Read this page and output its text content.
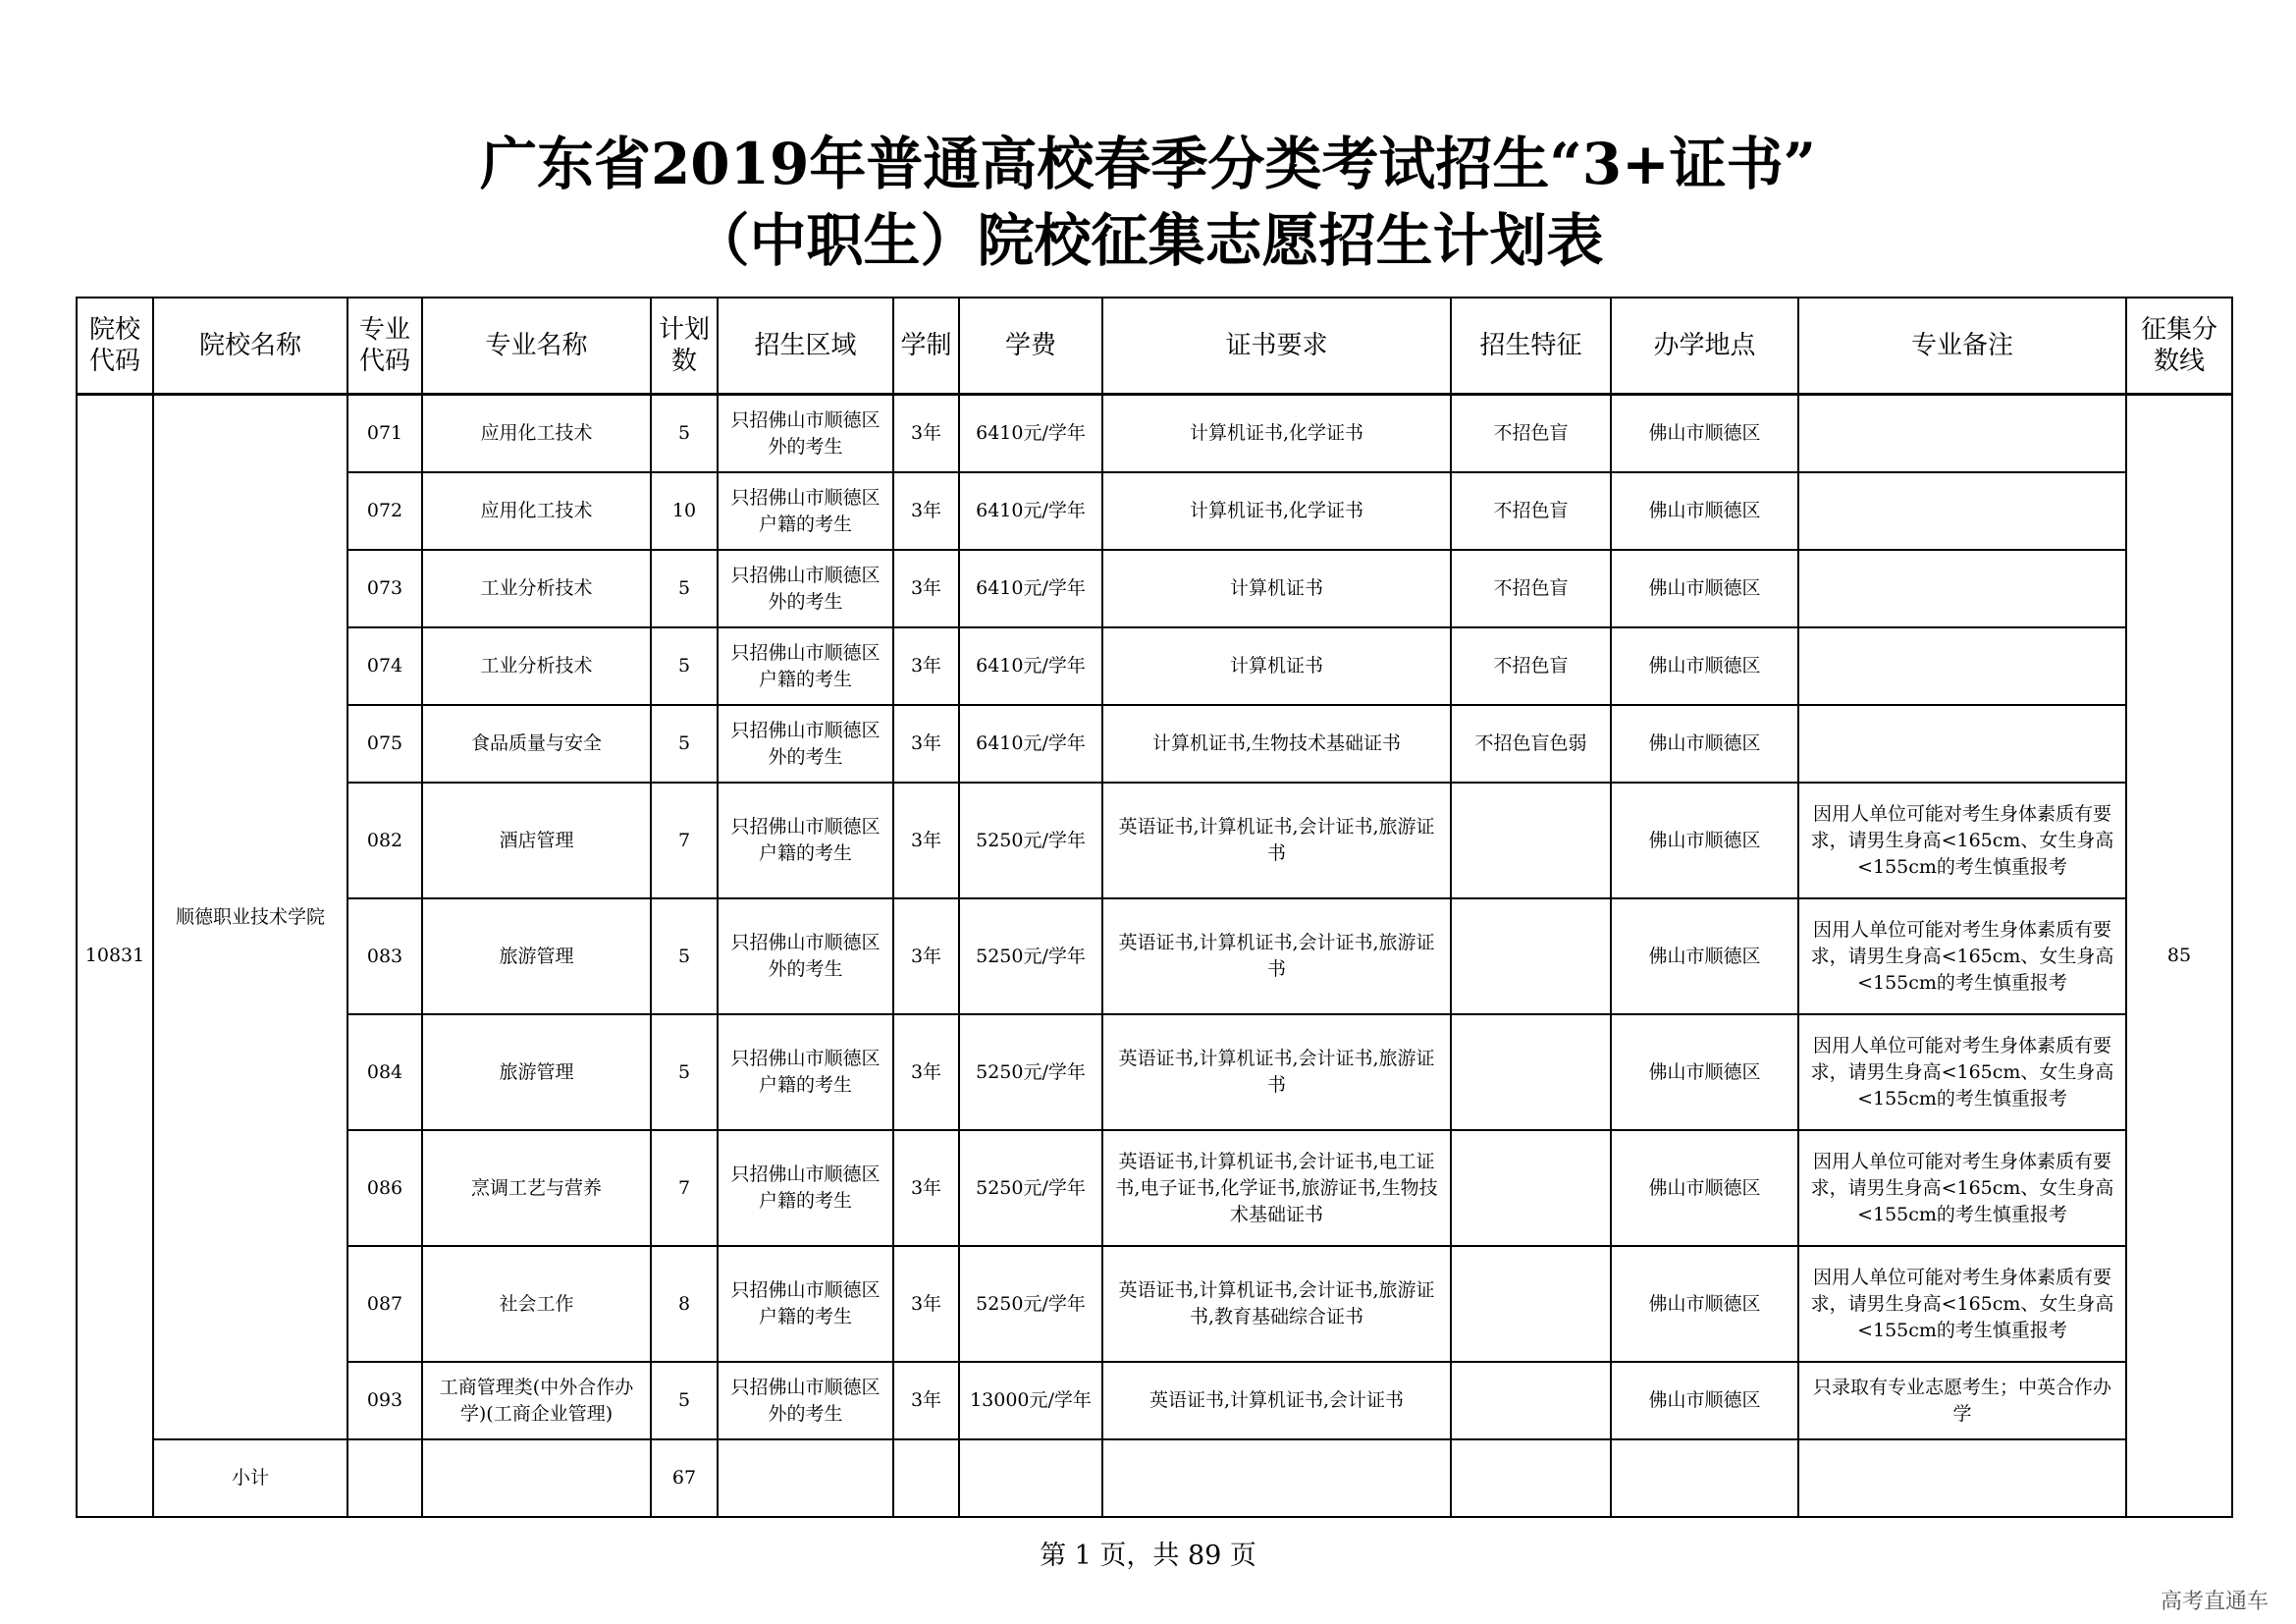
广东省2019年普通高校春季分类考试招生“3+证书”
（中职生）院校征集志愿招生计划表
院校代码	院校名称	专业代码	专业名称	计划数	招生区域	学制	学费	证书要求	招生特征	办学地点	专业备注	征集分数线
10831	顺德职业技术学院	071	应用化工技术	5	只招佛山市顺德区外的考生	3年	6410元/学年	计算机证书,化学证书	不招色盲	佛山市顺德区		85
		072	应用化工技术	10	只招佛山市顺德区户籍的考生	3年	6410元/学年	计算机证书,化学证书	不招色盲	佛山市顺德区		
		073	工业分析技术	5	只招佛山市顺德区外的考生	3年	6410元/学年	计算机证书	不招色盲	佛山市顺德区		
		074	工业分析技术	5	只招佛山市顺德区户籍的考生	3年	6410元/学年	计算机证书	不招色盲	佛山市顺德区		
		075	食品质量与安全	5	只招佛山市顺德区外的考生	3年	6410元/学年	计算机证书,生物技术基础证书	不招色盲色弱	佛山市顺德区		
		082	酒店管理	7	只招佛山市顺德区户籍的考生	3年	5250元/学年	英语证书,计算机证书,会计证书,旅游证书		佛山市顺德区	因用人单位可能对考生身体素质有要求，请男生身高<165cm、女生身高<155cm的考生慎重报考	
		083	旅游管理	5	只招佛山市顺德区外的考生	3年	5250元/学年	英语证书,计算机证书,会计证书,旅游证书		佛山市顺德区	因用人单位可能对考生身体素质有要求，请男生身高<165cm、女生身高<155cm的考生慎重报考	
		084	旅游管理	5	只招佛山市顺德区户籍的考生	3年	5250元/学年	英语证书,计算机证书,会计证书,旅游证书		佛山市顺德区	因用人单位可能对考生身体素质有要求，请男生身高<165cm、女生身高<155cm的考生慎重报考	
		086	烹调工艺与营养	7	只招佛山市顺德区户籍的考生	3年	5250元/学年	英语证书,计算机证书,会计证书,电工证书,电子证书,化学证书,旅游证书,生物技术基础证书		佛山市顺德区	因用人单位可能对考生身体素质有要求，请男生身高<165cm、女生身高<155cm的考生慎重报考	
		087	社会工作	8	只招佛山市顺德区户籍的考生	3年	5250元/学年	英语证书,计算机证书,会计证书,旅游证书,教育基础综合证书		佛山市顺德区	因用人单位可能对考生身体素质有要求，请男生身高<165cm、女生身高<155cm的考生慎重报考	
		093	工商管理类(中外合作办学)(工商企业管理)	5	只招佛山市顺德区外的考生	3年	13000元/学年	英语证书,计算机证书,会计证书		佛山市顺德区	只录取有专业志愿考生；中英合作办学	
	小计			67								
第 1 页，共 89 页
高考直通车
